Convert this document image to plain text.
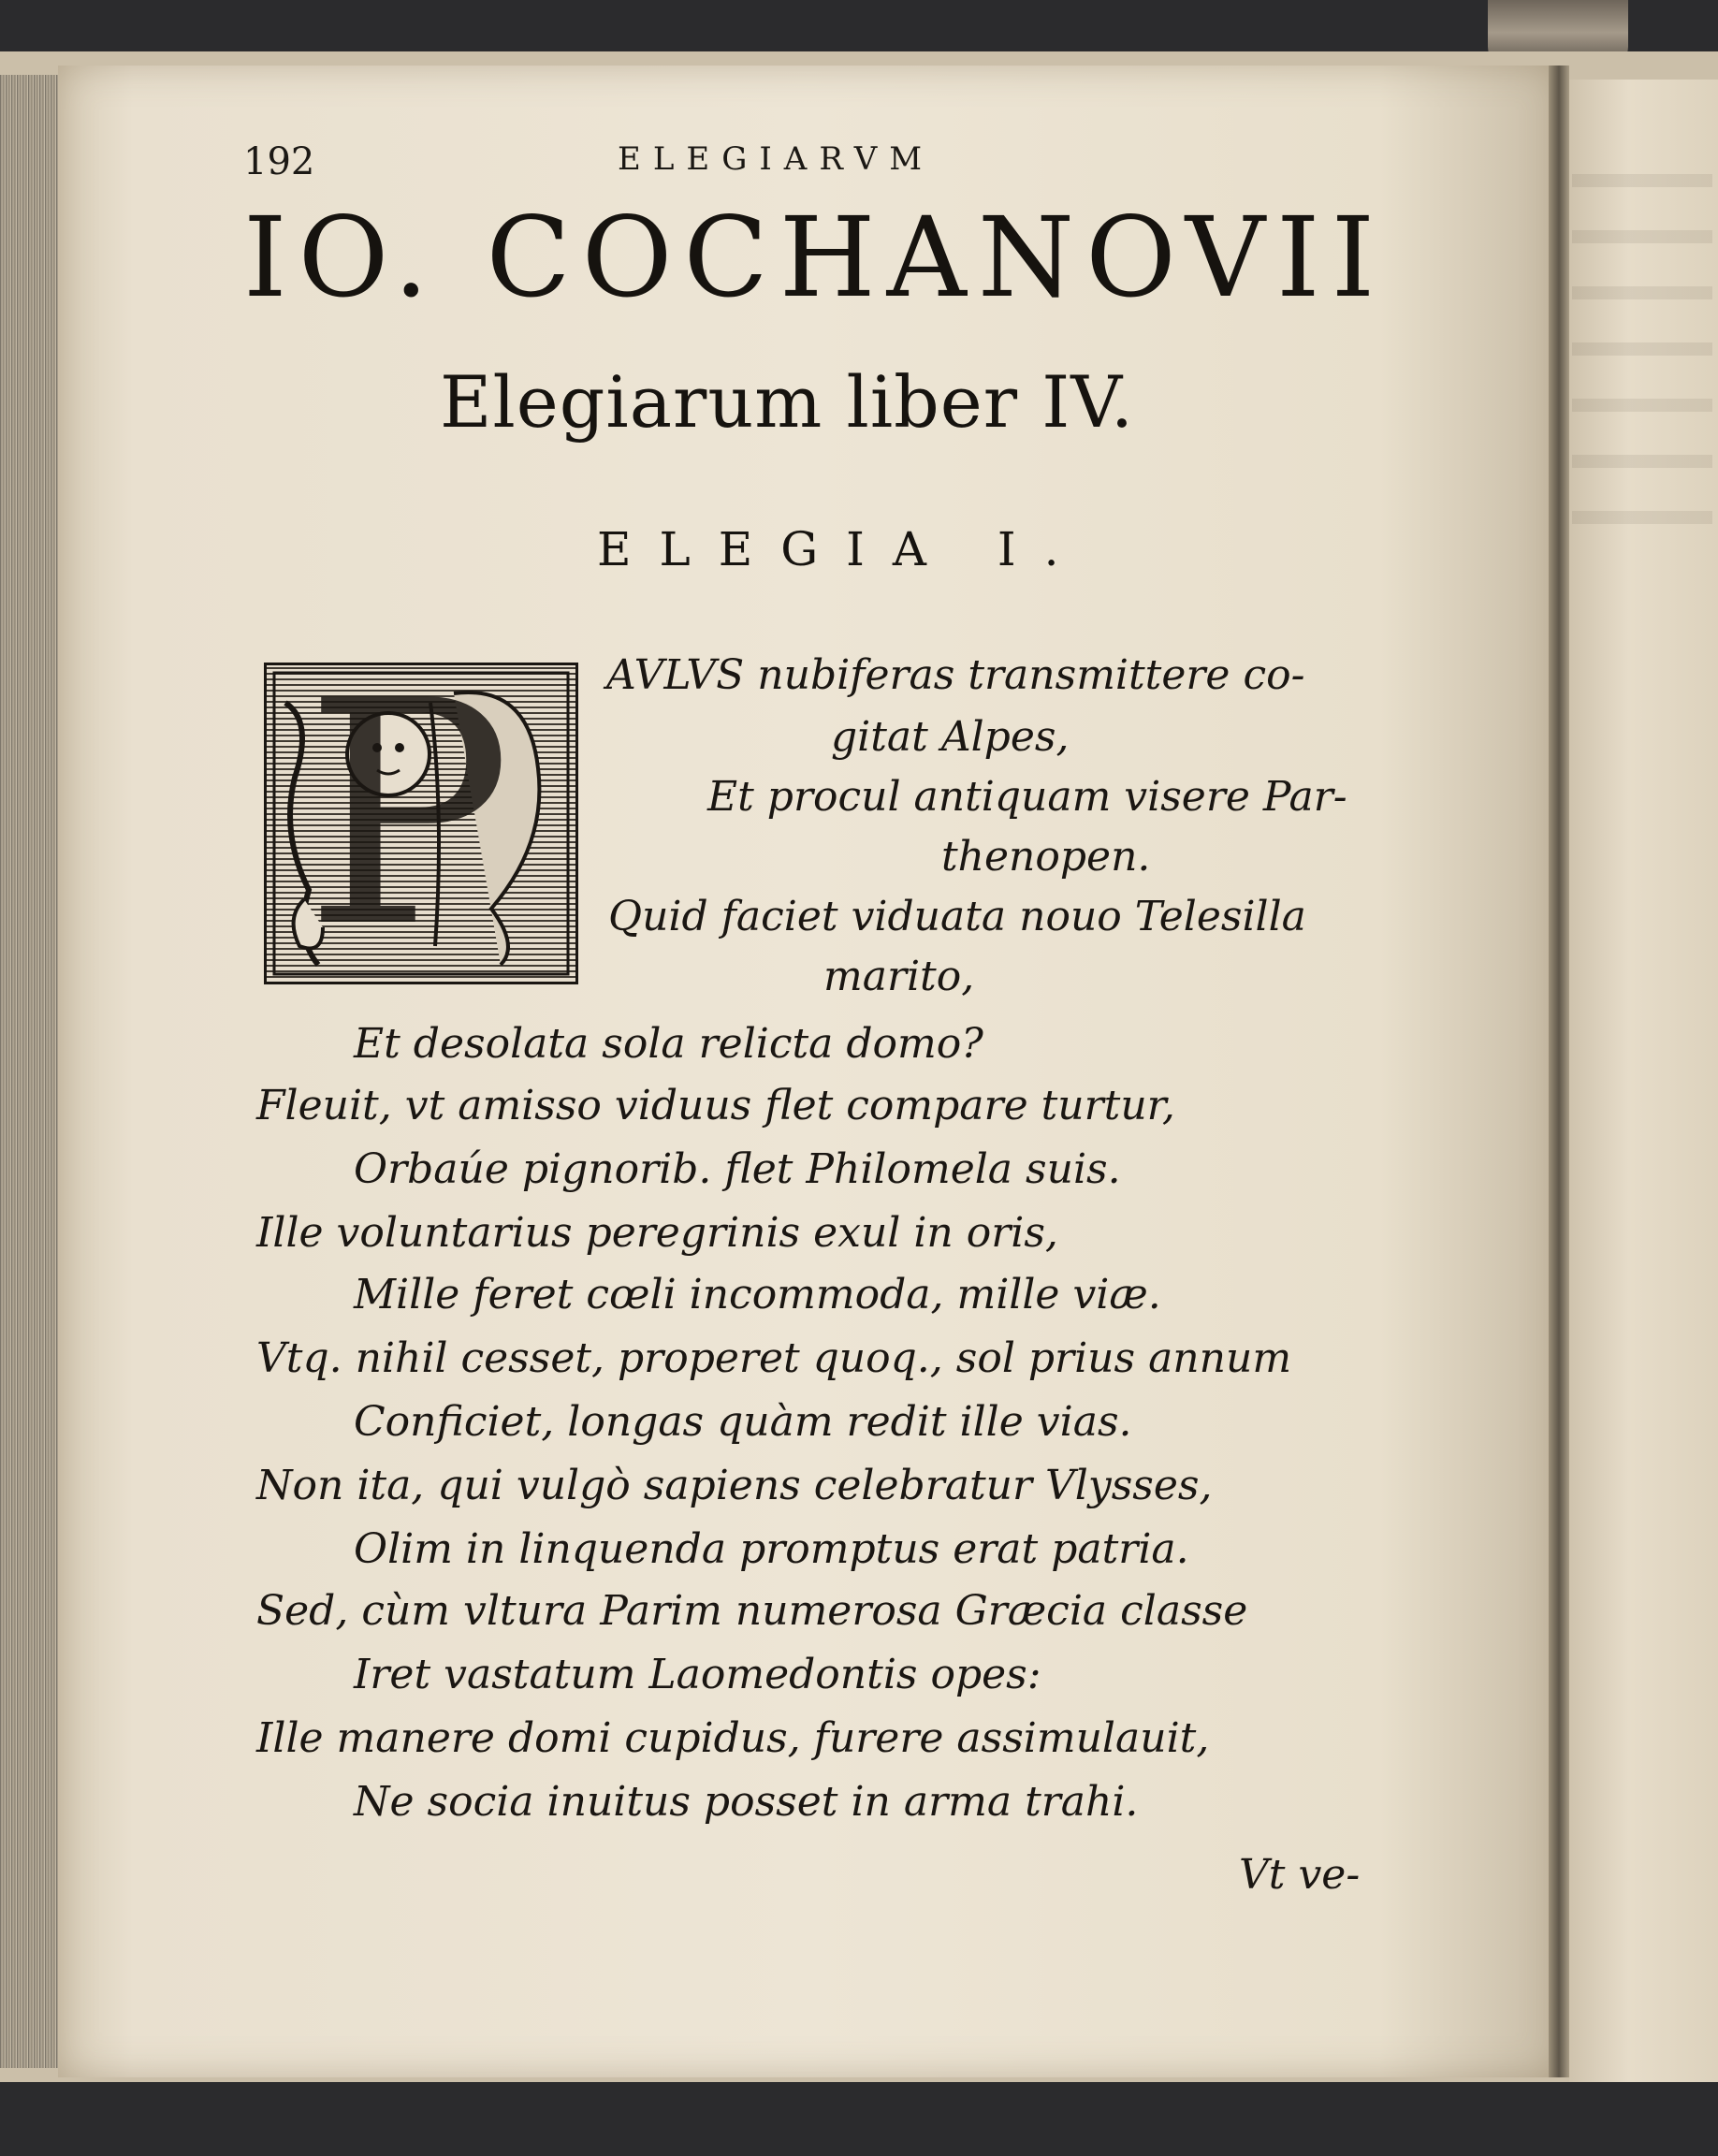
192	ELEGIARVM
IO. COCHANOVII
Elegiarum liber IV.
ELEGIA I.
P AVLVS nubiferas transmittere co-
gitat Alpes,
Et procul antiquam visere Par-
thenopen.
Quid faciet viduata nouo Telesilla
marito,
Et desolata sola relicta domo?
Fleuit, vt amisso viduus flet compare turtur,
Orbaúe pignorib. flet Philomela suis.
Ille voluntarius peregrinis exul in oris,
Mille feret cœli incommoda, mille viæ.
Vtq. nihil cesset, properet quoq., sol prius annum
Conficiet, longas quàm redit ille vias.
Non ita, qui vulgò sapiens celebratur Vlysses,
Olim in linquenda promptus erat patria.
Sed, cùm vltura Parim numerosa Græcia classe
Iret vastatum Laomedontis opes:
Ille manere domi cupidus, furere assimulauit,
Ne socia inuitus posset in arma trahi.
Vt ve-
